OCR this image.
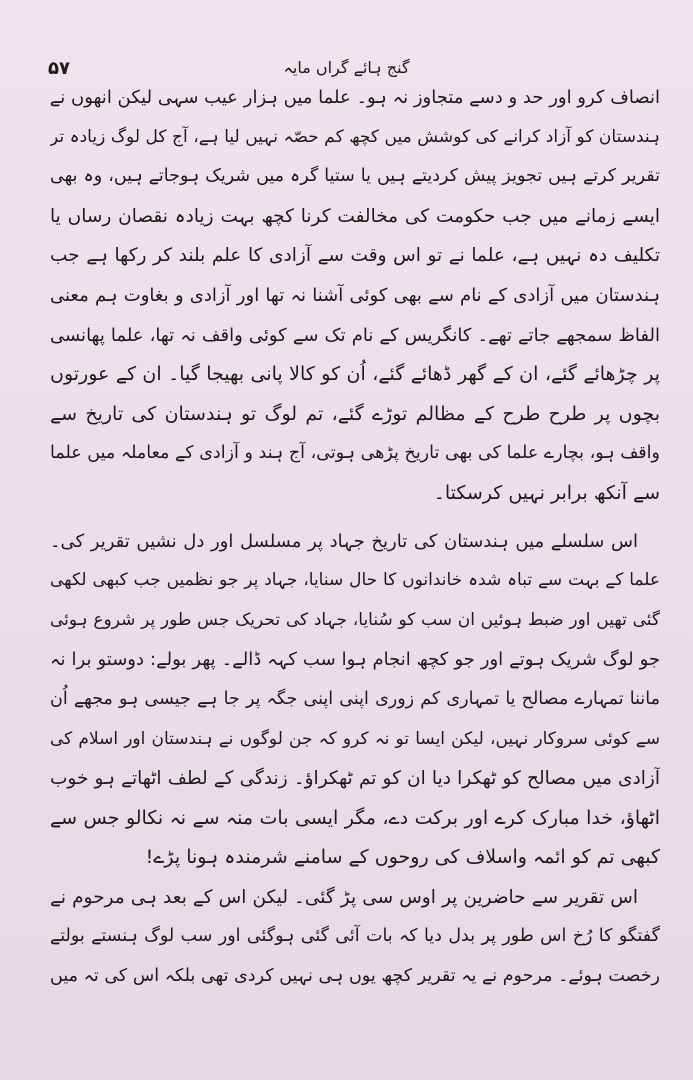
گنج ہائے گراں مایہ
۵۷
انصاف کرو اور حد و دسے متجاوز نہ ہو۔ علما میں ہزار عیب سہی لیکن انھوں نے
ہندستان کو آزاد کرانے کی کوشش میں کچھ کم حصّہ نہیں لیا ہے، آج کل لوگ زیادہ تر
تقریر کرتے ہیں تجویز پیش کردیتے ہیں یا ستیا گرہ میں شریک ہوجاتے ہیں، وہ بھی
ایسے زمانے میں جب حکومت کی مخالفت کرنا کچھ بہت زیادہ نقصان رساں یا
تکلیف دہ نہیں ہے، علما نے تو اس وقت سے آزادی کا علم بلند کر رکھا ہے جب
ہندستان میں آزادی کے نام سے بھی کوئی آشنا نہ تھا اور آزادی و بغاوت ہم معنی
الفاظ سمجھے جاتے تھے۔ کانگریس کے نام تک سے کوئی واقف نہ تھا، علما پھانسی
پر چڑھائے گئے، ان کے گھر ڈھائے گئے، اُن کو کالا پانی بھیجا گیا۔ ان کے عورتوں
بچوں پر طرح طرح کے مظالم توڑے گئے، تم لوگ تو ہندستان کی تاریخ سے
واقف ہو، بچارے علما کی بھی تاریخ پڑھی ہوتی، آج ہند و آزادی کے معاملہ میں علما
سے آنکھ برابر نہیں کرسکتا۔
اس سلسلے میں ہندستان کی تاریخ جہاد پر مسلسل اور دل نشیں تقریر کی۔
علما کے بہت سے تباہ شدہ خاندانوں کا حال سنایا، جہاد پر جو نظمیں جب کبھی لکھی
گئی تھیں اور ضبط ہوئیں ان سب کو سُنایا، جہاد کی تحریک جس طور پر شروع ہوئی
جو لوگ شریک ہوتے اور جو کچھ انجام ہوا سب کہہ ڈالے۔ پھر بولے: دوستو برا نہ
ماننا تمہارے مصالح یا تمہاری کم زوری اپنی اپنی جگہ پر جا ہے جیسی ہو مجھے اُن
سے کوئی سروکار نہیں، لیکن ایسا تو نہ کرو کہ جن لوگوں نے ہندستان اور اسلام کی
آزادی میں مصالح کو ٹھکرا دیا ان کو تم ٹھکراؤ۔ زندگی کے لطف اٹھاتے ہو خوب
اٹھاؤ، خدا مبارک کرے اور برکت دے، مگر ایسی بات منہ سے نہ نکالو جس سے
کبھی تم کو ائمہ واسلاف کی روحوں کے سامنے شرمندہ ہونا پڑے!
اس تقریر سے حاضرین پر اوس سی پڑ گئی۔ لیکن اس کے بعد ہی مرحوم نے
گفتگو کا رُخ اس طور پر بدل دیا کہ بات آئی گئی ہوگئی اور سب لوگ ہنستے بولتے
رخصت ہوئے۔ مرحوم نے یہ تقریر کچھ یوں ہی نہیں کردی تھی بلکہ اس کی تہ میں
